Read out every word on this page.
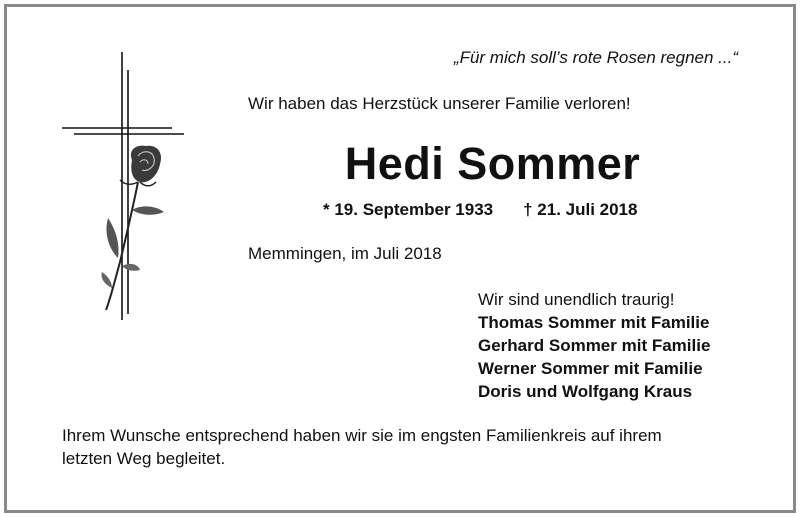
„Für mich soll’s rote Rosen regnen ...“
Wir haben das Herzstück unserer Familie verloren!
Hedi Sommer
* 19. September 1933 † 21. Juli 2018
Memmingen, im Juli 2018
Wir sind unendlich traurig!
Thomas Sommer mit Familie
Gerhard Sommer mit Familie
Werner Sommer mit Familie
Doris und Wolfgang Kraus
Ihrem Wunsche entsprechend haben wir sie im engsten Familienkreis auf ihrem
letzten Weg begleitet.
